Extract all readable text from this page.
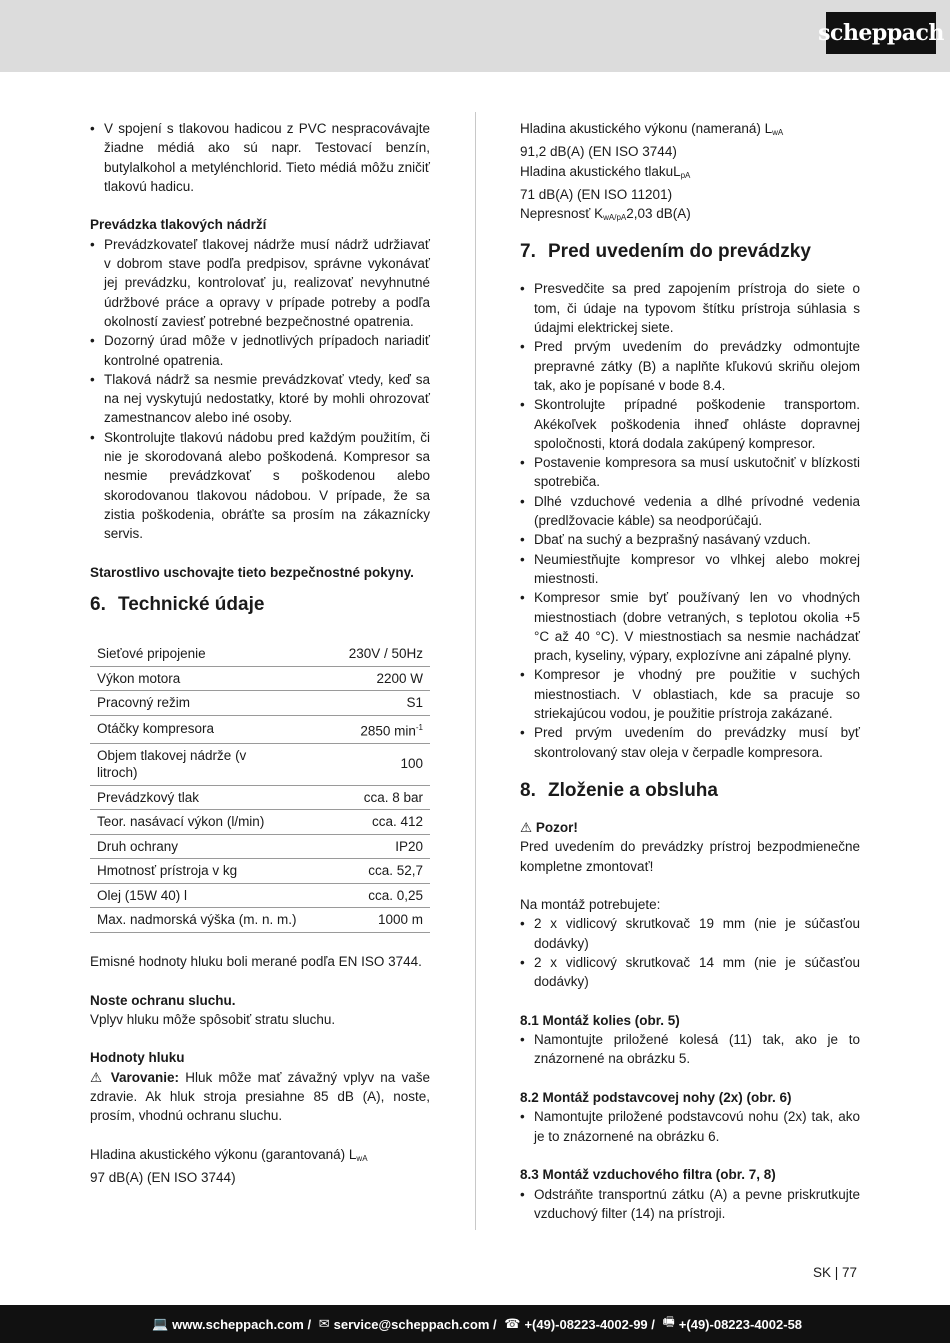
scheppach
• V spojení s tlakovou hadicou z PVC nespracovávajte žiadne médiá ako sú napr. Testovací benzín, butylalkohol a metylénchlorid. Tieto médiá môžu zničiť tlakovú hadicu.

Prevádzka tlakových nádrží

• Prevádzkovateľ tlakovej nádrže musí nádrž udržiavať v dobrom stave podľa predpisov, správne vykonávať jej prevádzku, kontrolovať ju, realizovať nevyhnutné údržbové práce a opravy v prípade potreby a podľa okolností zaviesť potrebné bezpečnostné opatrenia.
• Dozorný úrad môže v jednotlivých prípadoch nariadiť kontrolné opatrenia.
• Tlaková nádrž sa nesmie prevádzkovať vtedy, keď sa na nej vyskytujú nedostatky, ktoré by mohli ohrozovať zamestnancov alebo iné osoby.
• Skontrolujte tlakovú nádobu pred každým použitím, či nie je skorodovaná alebo poškodená. Kompresor sa nesmie prevádzkovať s poškodenou alebo skorodovanou tlakovou nádobou. V prípade, že sa zistia poškodenia, obráťte sa prosím na zákaznícky servis.

Starostlivo uschovajte tieto bezpečnostné pokyny.

6. Technické údaje
Sieťové pripojenie	230V / 50Hz
Výkon motora	2200 W
Pracovný režim	S1
Otáčky kompresora	2850 $\min^{-1}$
Objem tlakovej nádrže (v litroch)	100
Prevádzkový tlak	cca. 8 bar
Teor. nasávací výkon (l/min)	cca. 412
Druh ochrany	IP20
Hmotnosť prístroja v kg	cca. 52,7
Olej (15W 40) l	cca. 0,25
Max. nadmorská výška (m. n. m.)	1000 m

Emisné hodnoty hluku boli merané podľa EN ISO 3744.

Noste ochranu sluchu.

Vplyv hluku môže spôsobiť stratu sluchu.

Hodnoty hluku

⚠ Varovanie: Hluk môže mať závažný vplyv na vaše zdravie. Ak hluk stroja presiahne 85 dB (A), noste, prosím, vhodnú ochranu sluchu.

Hladina akustického výkonu (garantovaná) $L_{wA}$

97 dB(A) (EN ISO 3744)

Hladina akustického výkonu (nameraná) $L_{wA}$

91,2 dB(A) (EN ISO 3744)

Hladina akustického tlakuL$_{pA}$

71 dB(A) (EN ISO 11201)

Nepresnosť $K_{wA/pA}2,03$ dB(A)

7. Pred uvedením do prevádzky
• Presvedčite sa pred zapojením prístroja do siete o tom, či údaje na typovom štítku prístroja súhlasia s údajmi elektrickej siete.
• Pred prvým uvedením do prevádzky odmontujte prepravné zátky (B) a naplňte kľukovú skriňu olejom tak, ako je popísané v bode 8.4.
• Skontrolujte prípadné poškodenie transportom. Akékoľvek poškodenia ihneď ohláste dopravnej spoločnosti, ktorá dodala zakúpený kompresor.
• Postavenie kompresora sa musí uskutočniť v blízkosti spotrebiča.
• Dlhé vzduchové vedenia a dlhé prívodné vedenia (predlžovacie káble) sa neodporúčajú.
• Dbať na suchý a bezprašný nasávaný vzduch.
• Neumiestňujte kompresor vo vlhkej alebo mokrej miestnosti.
• Kompresor smie byť používaný len vo vhodných miestnostiach (dobre vetraných, s teplotou okolia +5 °C až 40 °C). V miestnostiach sa nesmie nachádzať prach, kyseliny, výpary, explozívne ani zápalné plyny.
• Kompresor je vhodný pre použitie v suchých miestnostiach. V oblastiach, kde sa pracuje so striekajúcou vodou, je použitie prístroja zakázané.
• Pred prvým uvedením do prevádzky musí byť skontrolovaný stav oleja v čerpadle kompresora.
8. Zloženie a obsluha

⚠ Pozor!

Pred uvedením do prevádzky prístroj bezpodmienečne kompletne zmontovať!

Na montáž potrebujete:

• 2 x vidlicový skrutkovač 19 mm (nie je súčasťou dodávky)
• 2 x vidlicový skrutkovač 14 mm (nie je súčasťou dodávky)

8.1 Montáž kolies (obr. 5)

• Namontujte priložené kolesá (11) tak, ako je to znázornené na obrázku 5.

8.2 Montáž podstavcovej nohy (2x) (obr. 6)

• Namontujte priložené podstavcovú nohu (2x) tak, ako je to znázornené na obrázku 6.

8.3 Montáž vzduchového filtra (obr. 7, 8)

• Odstráňte transportnú zátku (A) a pevne priskrutkujte vzduchový filter (14) na prístroji.
SK | 77
💻 www.scheppach.com / ✉ service@scheppach.com / ☎ +(49)-08223-4002-99 / 🖷 +(49)-08223-4002-58
